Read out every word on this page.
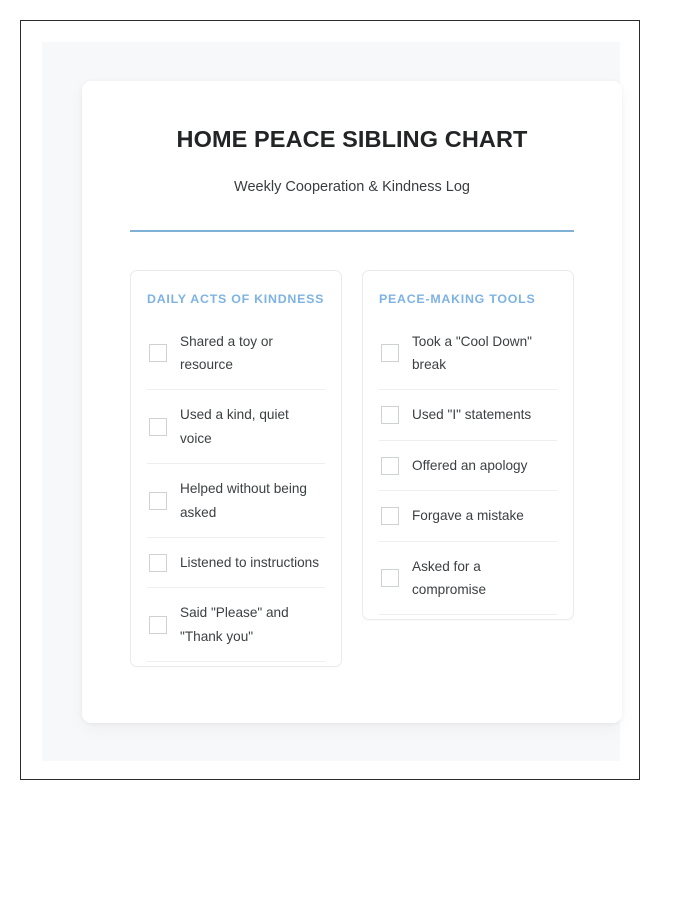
HOME PEACE SIBLING CHART

Weekly Cooperation & Kindness Log

DAILY ACTS OF KINDNESS
Shared a toy or resource
Used a kind, quiet voice
Helped without being asked
Listened to instructions
Said "Please" and "Thank you"
PEACE-MAKING TOOLS
Took a "Cool Down" break
Used "I" statements
Offered an apology
Forgave a mistake
Asked for a compromise
